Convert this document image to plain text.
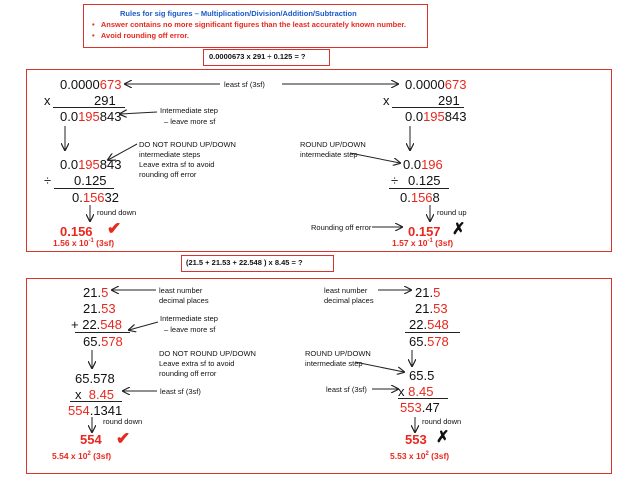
Rules for sig figures – Multiplication/Division/Addition/Subtraction
•   Answer contains no more significant figures than the least accurately known number.
•   Avoid rounding off error.
0.0000673 x 291 ÷ 0.125 = ?
0.0000673
x	291
0.0195843
0.0195843
÷ 0.125
0.15632
round down
0.156 ✔
1.56 x $10^{-1}$ (3sf)
0.0000673
x	291
0.0195843
0.0196
÷ 0.125
0.1568
round up
0.157 ✗
1.57 x $10^{-1}$ (3sf)
least sf (3sf)
Intermediate step
– leave more sf
DO NOT ROUND UP/DOWN
intermediate steps
Leave extra sf to avoid
rounding off error
ROUND UP/DOWN
intermediate step
Rounding off error
(21.5 + 21.53 + 22.548 ) x 8.45 = ?
21.5
21.53
+ 22.548
65.578
65.578
x 8.45
554.1341
round down
554 ✔
5.54 x $10^2$ (3sf)
21.5
21.53
22.548
65.578
65.5
x 8.45
553.47
round down
553 ✗
5.53 x $10^2$ (3sf)
least number
decimal places
least number
decimal places
Intermediate step
– leave more sf
DO NOT ROUND UP/DOWN
Leave extra sf to avoid
rounding off error
ROUND UP/DOWN
intermediate step
least sf (3sf)	least sf (3sf)
